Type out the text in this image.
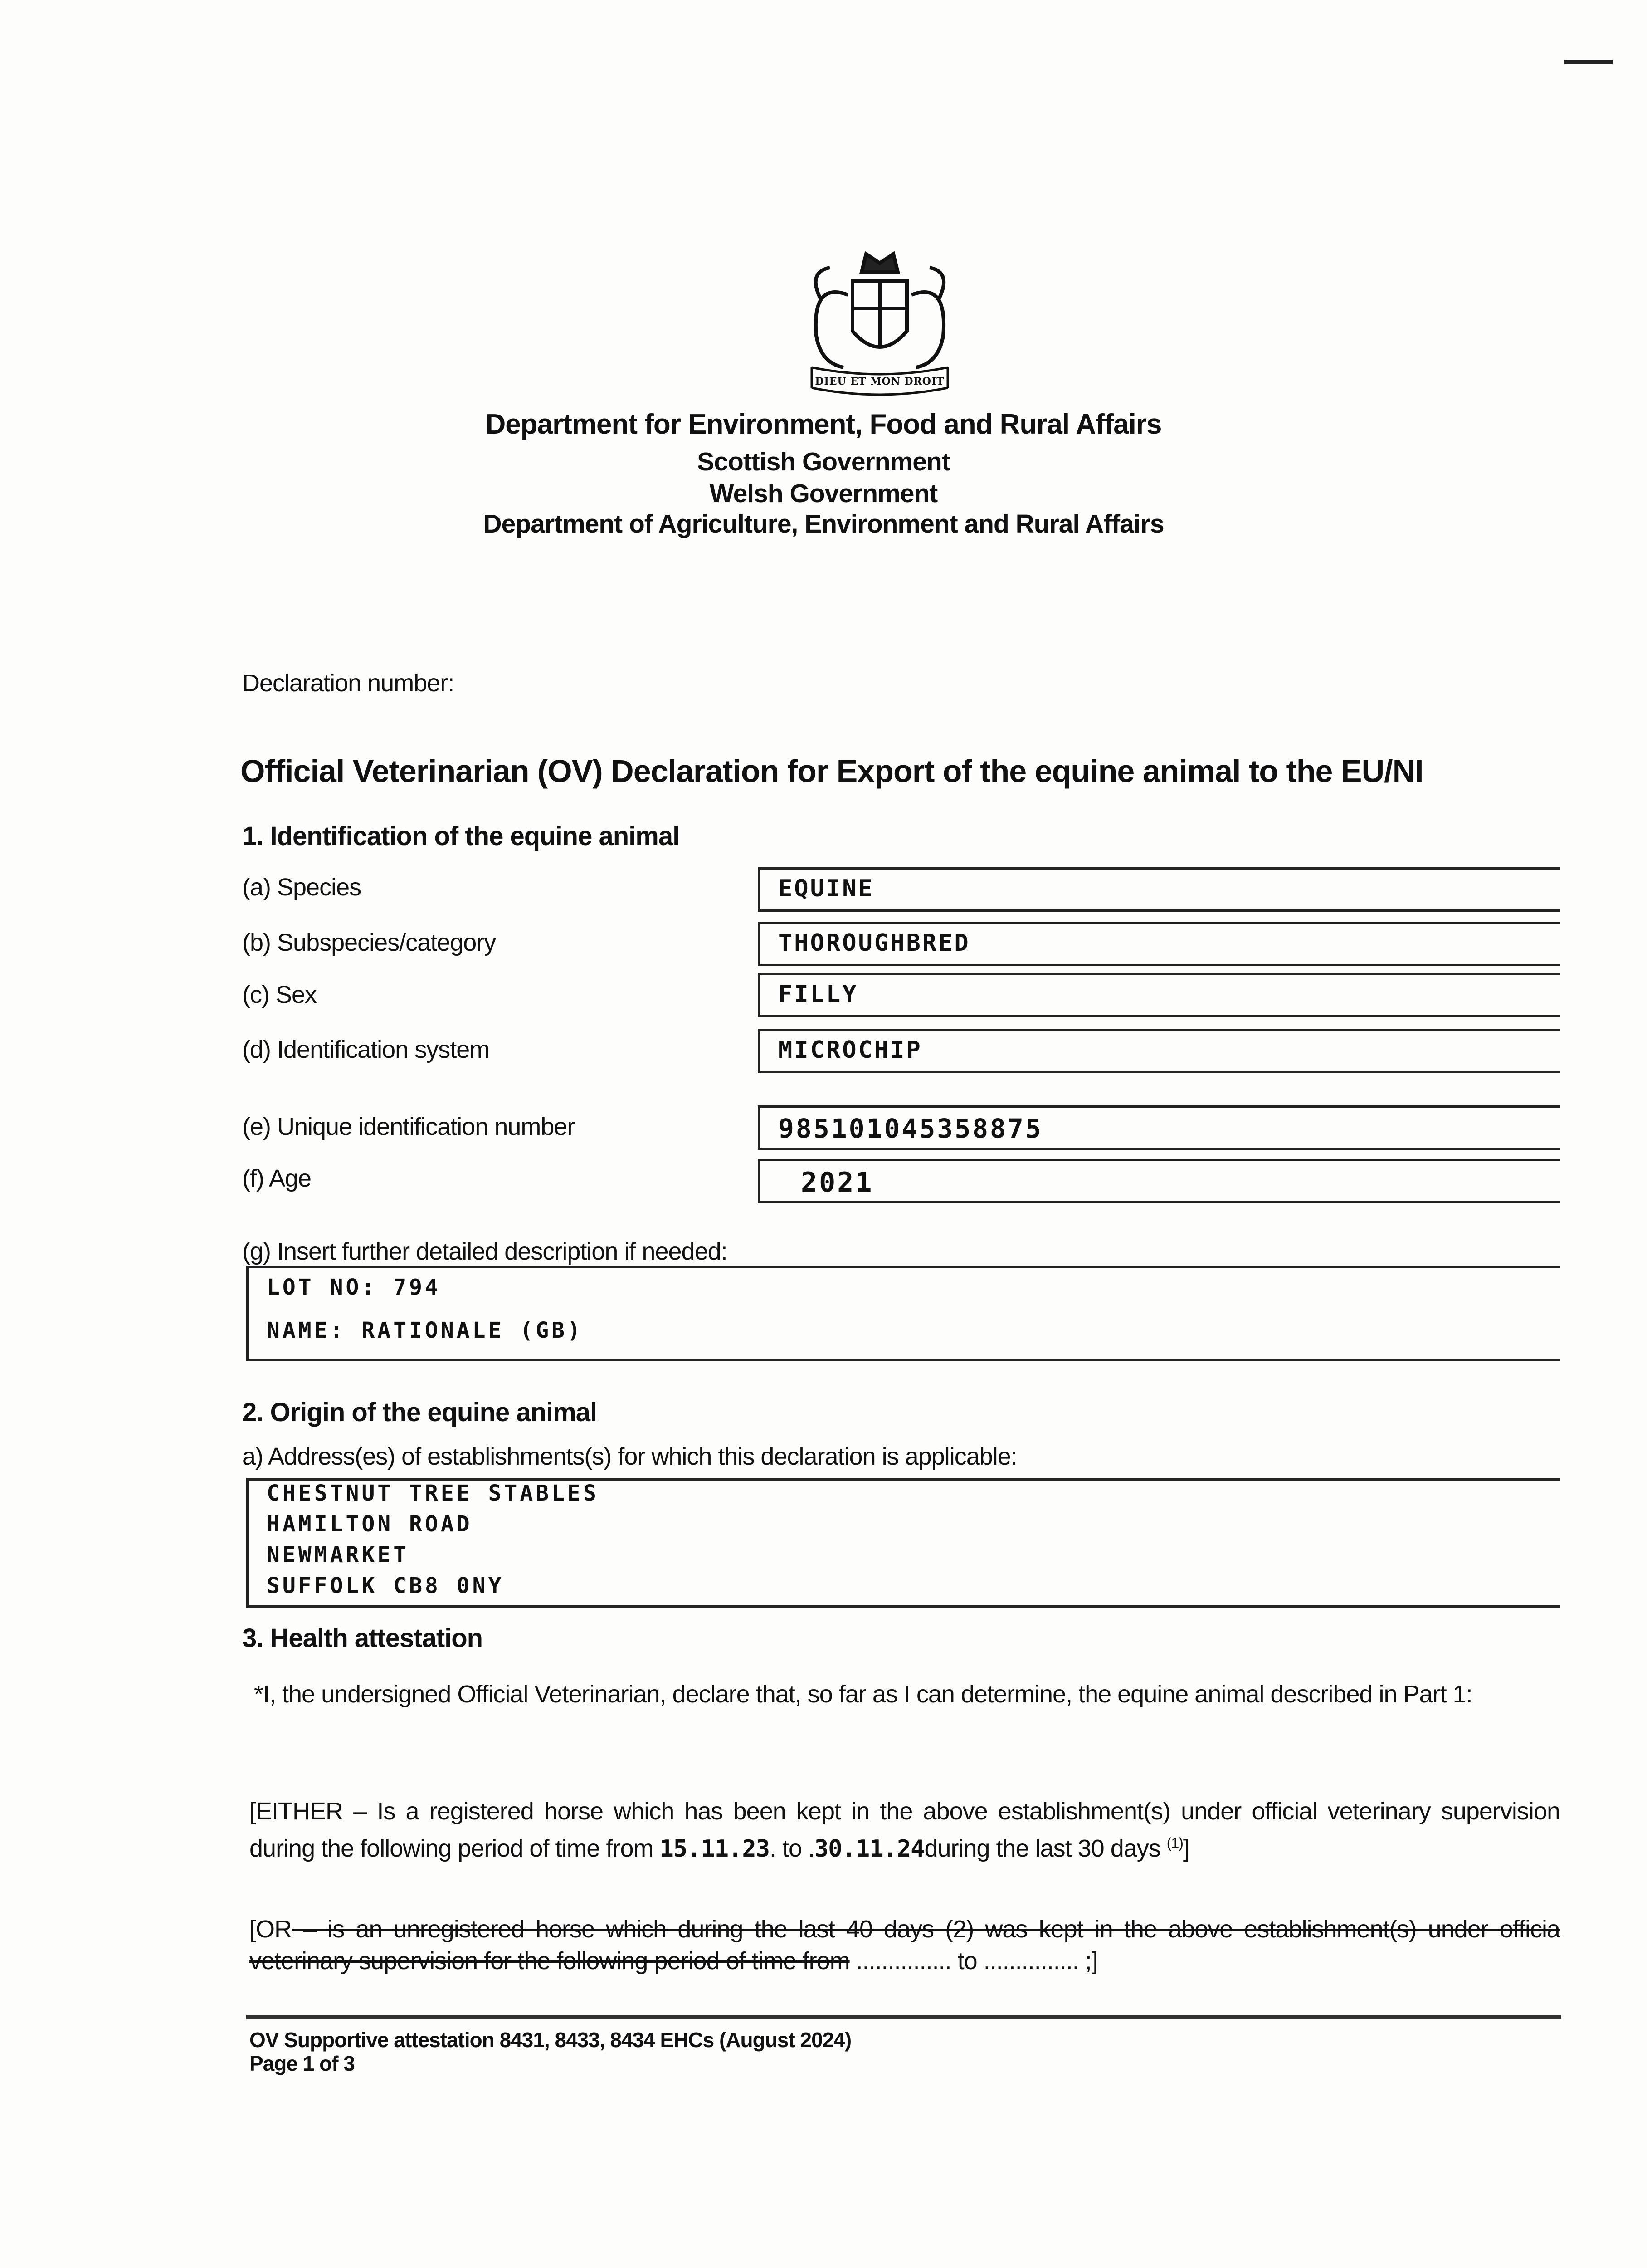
DIEU ET MON DROIT
Department for Environment, Food and Rural Affairs
Scottish Government
Welsh Government
Department of Agriculture, Environment and Rural Affairs
Declaration number:
Official Veterinarian (OV) Declaration for Export of the equine animal to the EU/NI
1. Identification of the equine animal
(a) Species	EQUINE
(b) Subspecies/category	THOROUGHBRED
(c) Sex	FILLY
(d) Identification system	MICROCHIP
(e) Unique identification number	985101045358875
(f) Age	2021
(g) Insert further detailed description if needed:
LOT NO: 794
NAME: RATIONALE (GB)
2. Origin of the equine animal
a) Address(es) of establishments(s) for which this declaration is applicable:
CHESTNUT TREE STABLES
HAMILTON ROAD
NEWMARKET
SUFFOLK CB8 0NY
3. Health attestation
*I, the undersigned Official Veterinarian, declare that, so far as I can determine, the equine animal described in Part 1:
[EITHER – Is a registered horse which has been kept in the above establishment(s) under official veterinary supervision during the following period of time from 15.11.23. to .30.11.24during the last 30 days $^{(1)}$]
[OR – is an unregistered horse which during the last 40 days (2) was kept in the above establishment(s) under officia veterinary supervision for the following period of time from ............... to ............... ;]
OV Supportive attestation 8431, 8433, 8434 EHCs (August 2024)
Page 1 of 3
